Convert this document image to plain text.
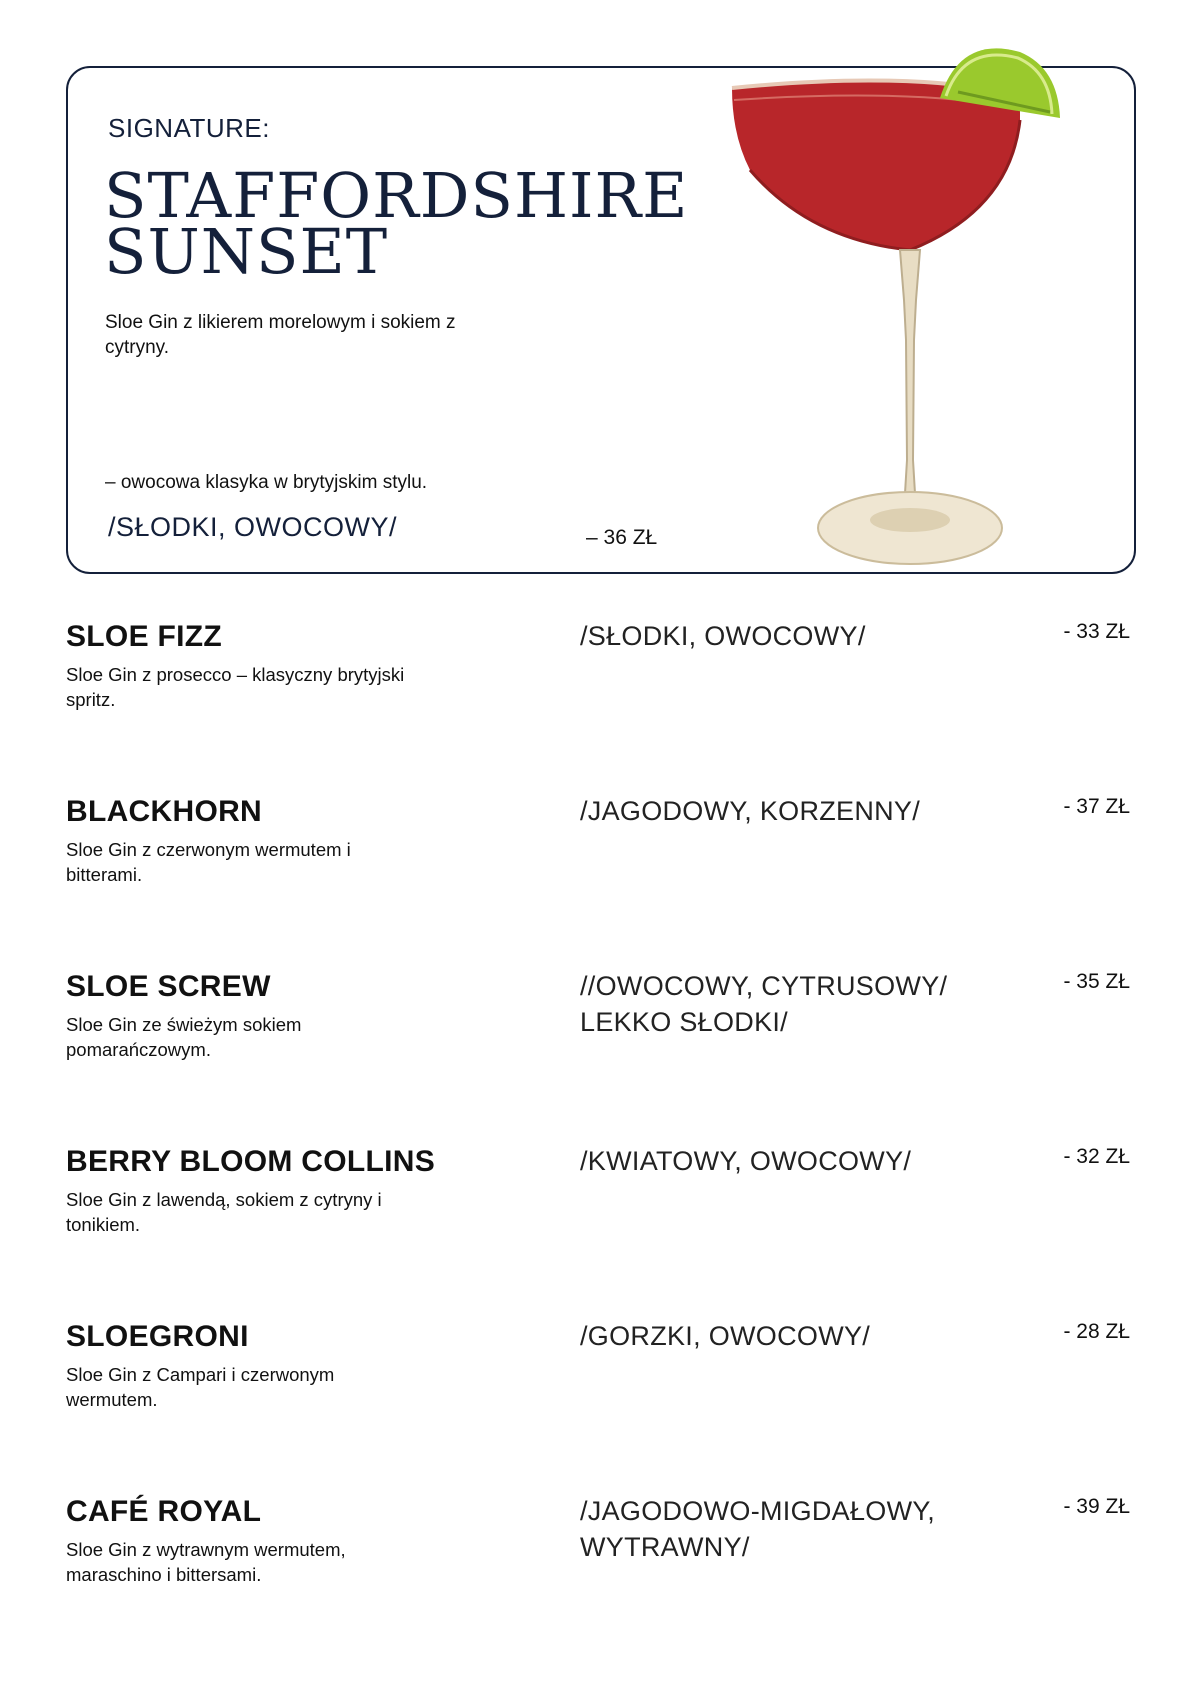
SIGNATURE:
STAFFORDSHIRE SUNSET
Sloe Gin z likierem morelowym i sokiem z cytryny.
– owocowa klasyka w brytyjskim stylu.
/SŁODKI, OWOCOWY/	– 36 ZŁ
SLOE FIZZ
Sloe Gin z prosecco – klasyczny brytyjski spritz.
/SŁODKI, OWOCOWY/	- 33 ZŁ
BLACKHORN
Sloe Gin z czerwonym wermutem i bitterami.
/JAGODOWY, KORZENNY/	- 37 ZŁ
SLOE SCREW
Sloe Gin ze świeżym sokiem pomarańczowym.
//OWOCOWY, CYTRUSOWY/ LEKKO SŁODKI/
- 35 ZŁ
BERRY BLOOM COLLINS
Sloe Gin z lawendą, sokiem z cytryny i tonikiem.
/KWIATOWY, OWOCOWY/	- 32 ZŁ
SLOEGRONI
Sloe Gin z Campari i czerwonym wermutem.
/GORZKI, OWOCOWY/	- 28 ZŁ
CAFÉ ROYAL
Sloe Gin z wytrawnym wermutem, maraschino i bittersami.
/JAGODOWO-MIGDAŁOWY, WYTRAWNY/
- 39 ZŁ
